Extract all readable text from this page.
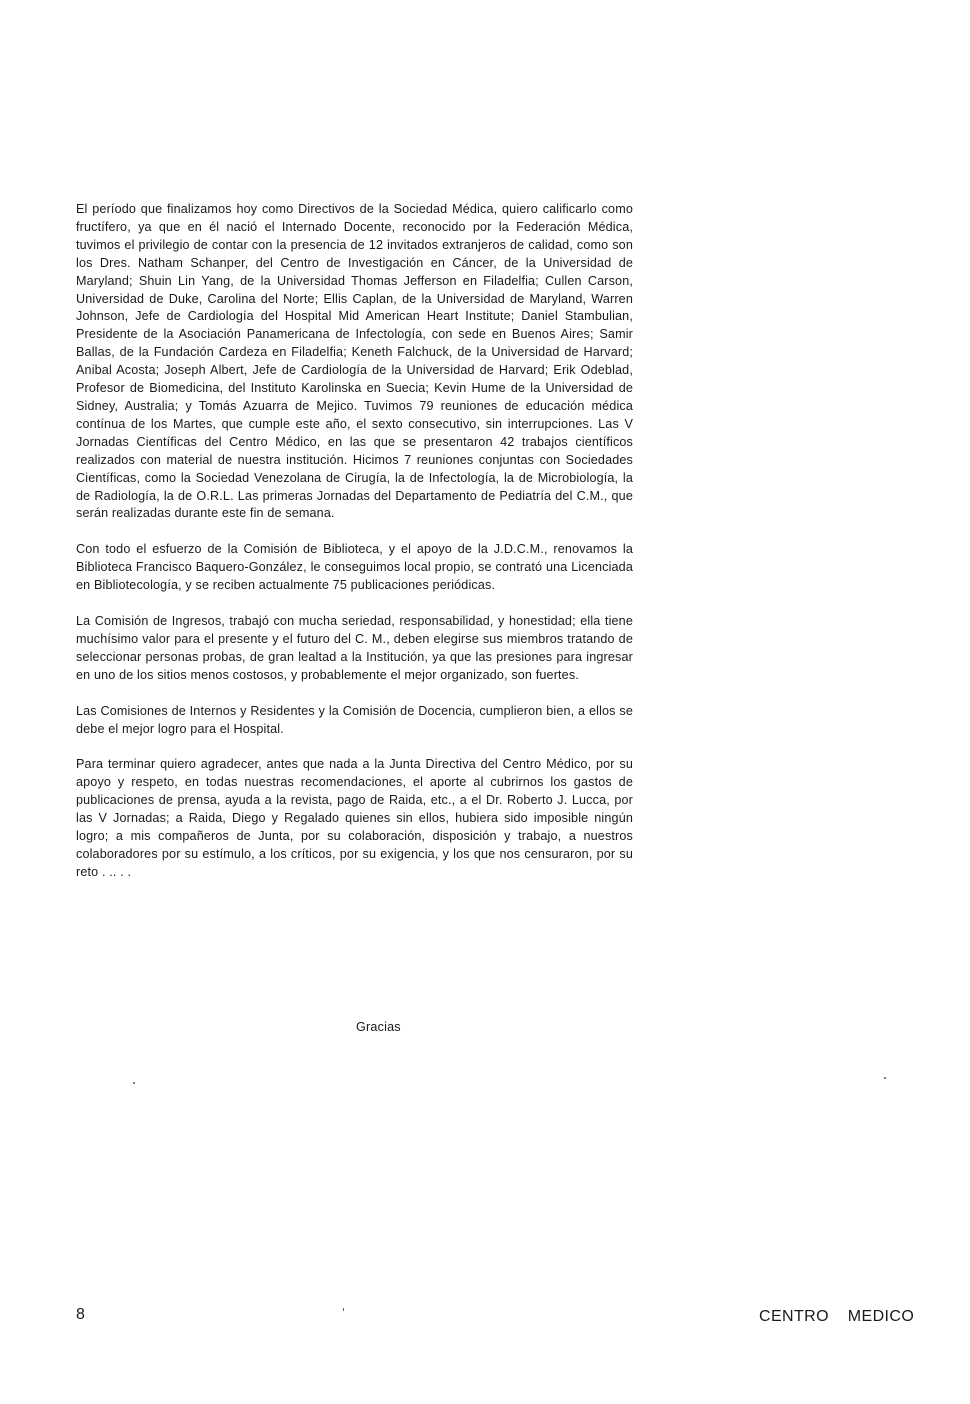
El período que finalizamos hoy como Directivos de la Sociedad Médica, quiero calificarlo como fructífero, ya que en él nació el Internado Docente, reconocido por la Federación Médica, tuvimos el privilegio de contar con la presencia de 12 invitados extranjeros de calidad, como son los Dres. Natham Schanper, del Centro de Investigación en Cáncer, de la Universidad de Maryland; Shuin Lin Yang, de la Universidad Thomas Jefferson en Filadelfia; Cullen Carson, Universidad de Duke, Carolina del Norte; Ellis Caplan, de la Universidad de Maryland, Warren Johnson, Jefe de Cardiología del Hospital Mid American Heart Institute; Daniel Stambulian, Presidente de la Asociación Panamericana de Infectología, con sede en Buenos Aires; Samir Ballas, de la Fundación Cardeza en Filadelfia; Keneth Falchuck, de la Universidad de Harvard; Anibal Acosta; Joseph Albert, Jefe de Cardiología de la Universidad de Harvard; Erik Odeblad, Profesor de Biomedicina, del Instituto Karolinska en Suecia; Kevin Hume de la Universidad de Sidney, Australia; y Tomás Azuarra de Mejico. Tuvimos 79 reuniones de educación médica contínua de los Martes, que cumple este año, el sexto consecutivo, sin interrupciones. Las V Jornadas Científicas del Centro Médico, en las que se presentaron 42 trabajos científicos realizados con material de nuestra institución. Hicimos 7 reuniones conjuntas con Sociedades Científicas, como la Sociedad Venezolana de Cirugía, la de Infectología, la de Microbiología, la de Radiología, la de O.R.L. Las primeras Jornadas del Departamento de Pediatría del C.M., que serán realizadas durante este fin de semana.

Con todo el esfuerzo de la Comisión de Biblioteca, y el apoyo de la J.D.C.M., renovamos la Biblioteca Francisco Baquero-González, le conseguimos local propio, se contrató una Licenciada en Bibliotecología, y se reciben actualmente 75 publicaciones periódicas.

La Comisión de Ingresos, trabajó con mucha seriedad, responsabilidad, y honestidad; ella tiene muchísimo valor para el presente y el futuro del C. M., deben elegirse sus miembros tratando de seleccionar personas probas, de gran lealtad a la Institución, ya que las presiones para ingresar en uno de los sitios menos costosos, y probablemente el mejor organizado, son fuertes.

Las Comisiones de Internos y Residentes y la Comisión de Docencia, cumplieron bien, a ellos se debe el mejor logro para el Hospital.

Para terminar quiero agradecer, antes que nada a la Junta Directiva del Centro Médico, por su apoyo y respeto, en todas nuestras recomendaciones, el aporte al cubrirnos los gastos de publicaciones de prensa, ayuda a la revista, pago de Raida, etc., a el Dr. Roberto J. Lucca, por las V Jornadas; a Raida, Diego y Regalado quienes sin ellos, hubiera sido imposible ningún logro; a mis compañeros de Junta, por su colaboración, disposición y trabajo, a nuestros colaboradores por su estímulo, a los críticos, por su exigencia, y los que nos censuraron, por su reto . .. . .

Gracias
8	CENTRO MEDICO
